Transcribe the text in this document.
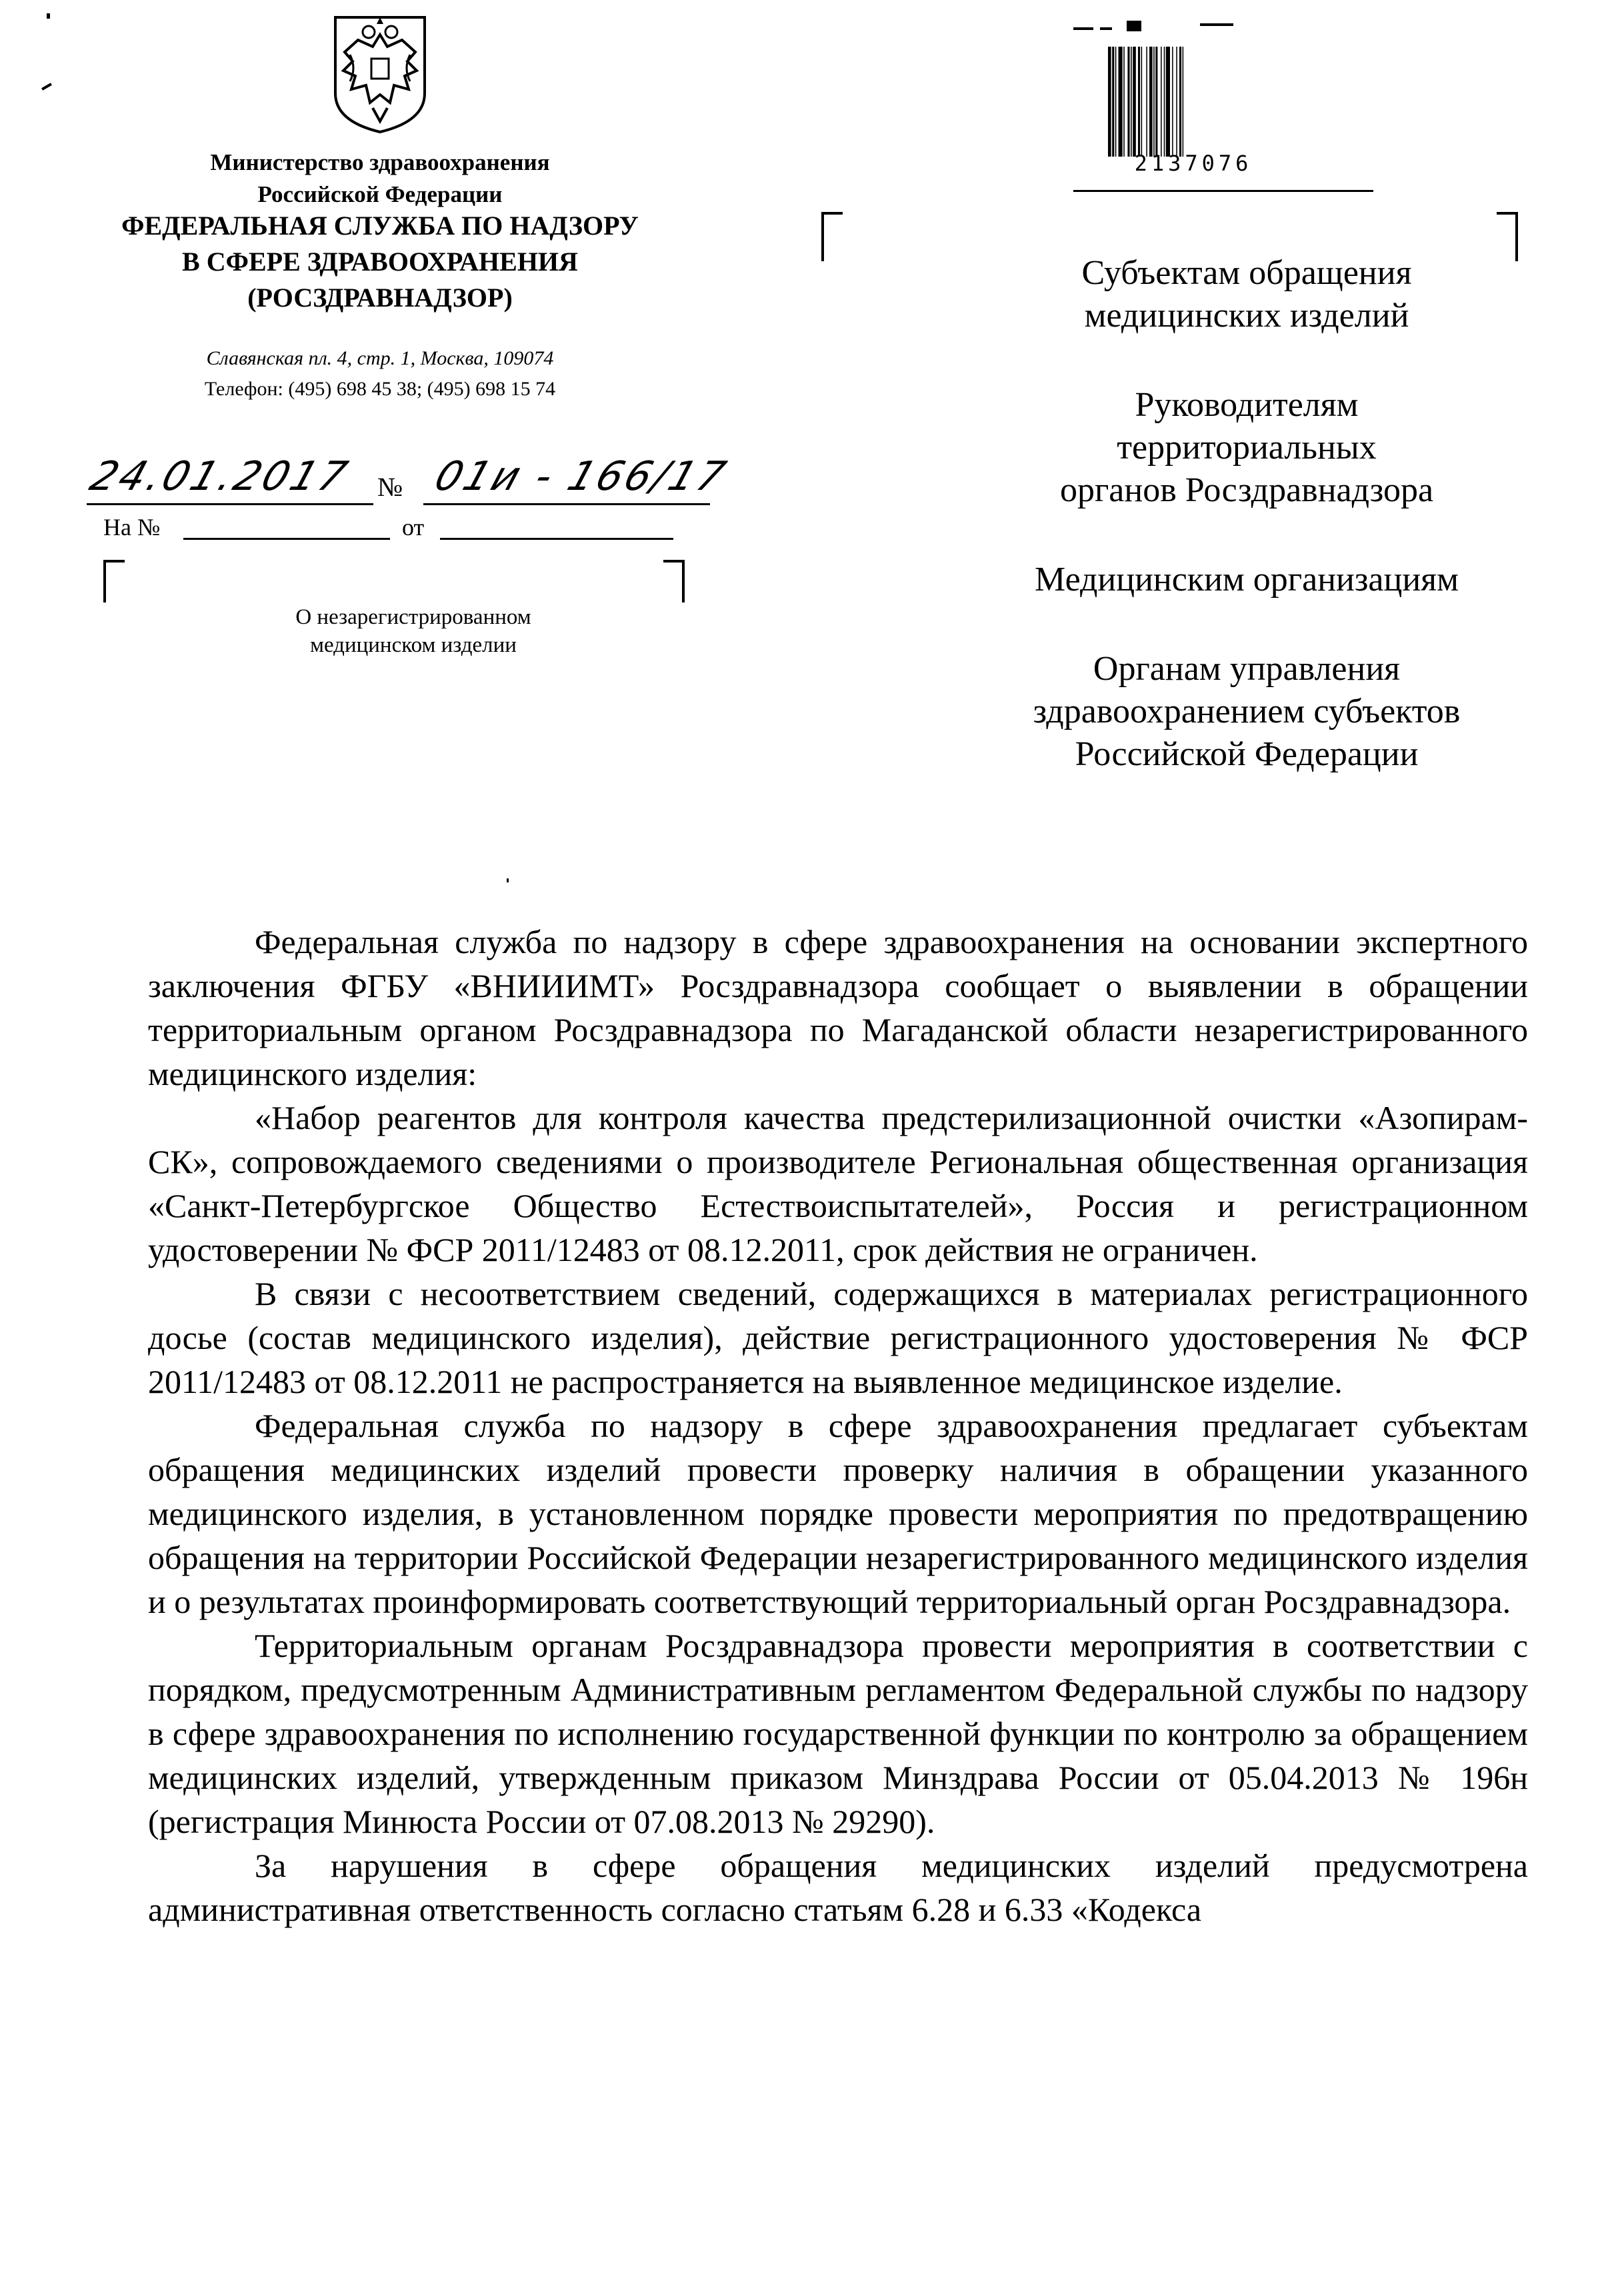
Министерство здравоохранения
Российской Федерации
ФЕДЕРАЛЬНАЯ СЛУЖБА ПО НАДЗОРУ
В СФЕРЕ ЗДРАВООХРАНЕНИЯ
(РОСЗДРАВНАДЗОР)
Славянская пл. 4, стр. 1, Москва, 109074
Телефон: (495) 698 45 38; (495) 698 15 74
24.01.2017 № 01и - 166/17
На №	от
О незарегистрированном
медицинском изделии
2137076
Субъектам обращения
медицинских изделий
Руководителям
территориальных
органов Росздравнадзора
Медицинским организациям
Органам управления
здравоохранением субъектов
Российской Федерации

Федеральная служба по надзору в сфере здравоохранения на основании экспертного заключения ФГБУ «ВНИИИМТ» Росздравнадзора сообщает о выявлении в обращении территориальным органом Росздравнадзора по Магаданской области незарегистрированного медицинского изделия:

«Набор реагентов для контроля качества предстерилизационной очистки «Азопирам-СК», сопровождаемого сведениями о производителе Региональная общественная организация «Санкт-Петербургское Общество Естествоиспытателей», Россия и регистрационном удостоверении № ФСР 2011/12483 от 08.12.2011, срок действия не ограничен.

В связи с несоответствием сведений, содержащихся в материалах регистрационного досье (состав медицинского изделия), действие регистрационного удостоверения № ФСР 2011/12483 от 08.12.2011 не распространяется на выявленное медицинское изделие.

Федеральная служба по надзору в сфере здравоохранения предлагает субъектам обращения медицинских изделий провести проверку наличия в обращении указанного медицинского изделия, в установленном порядке провести мероприятия по предотвращению обращения на территории Российской Федерации незарегистрированного медицинского изделия и о результатах проинформировать соответствующий территориальный орган Росздравнадзора.

Территориальным органам Росздравнадзора провести мероприятия в соответствии с порядком, предусмотренным Административным регламентом Федеральной службы по надзору в сфере здравоохранения по исполнению государственной функции по контролю за обращением медицинских изделий, утвержденным приказом Минздрава России от 05.04.2013 № 196н (регистрация Минюста России от 07.08.2013 № 29290).

За нарушения в сфере обращения медицинских изделий предусмотрена административная ответственность согласно статьям 6.28 и 6.33 «Кодекса
